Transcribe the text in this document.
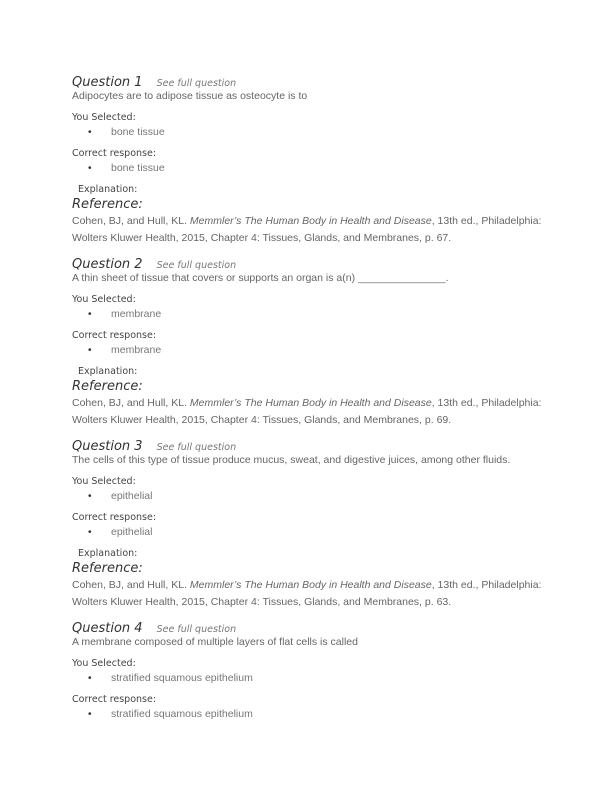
Question 1 See full question

Adipocytes are to adipose tissue as osteocyte is to

You Selected:

• bone tissue

Correct response:

• bone tissue

Explanation:

Reference:

Cohen, BJ, and Hull, KL. Memmler’s The Human Body in Health and Disease, 13th ed., Philadelphia: Wolters Kluwer Health, 2015, Chapter 4: Tissues, Glands, and Membranes, p. 67.

Question 2 See full question

A thin sheet of tissue that covers or supports an organ is a(n) _______________.

You Selected:

• membrane

Correct response:

• membrane

Explanation:

Reference:

Cohen, BJ, and Hull, KL. Memmler’s The Human Body in Health and Disease, 13th ed., Philadelphia: Wolters Kluwer Health, 2015, Chapter 4: Tissues, Glands, and Membranes, p. 69.

Question 3 See full question

The cells of this type of tissue produce mucus, sweat, and digestive juices, among other fluids.

You Selected:

• epithelial

Correct response:

• epithelial

Explanation:

Reference:

Cohen, BJ, and Hull, KL. Memmler’s The Human Body in Health and Disease, 13th ed., Philadelphia: Wolters Kluwer Health, 2015, Chapter 4: Tissues, Glands, and Membranes, p. 63.

Question 4 See full question

A membrane composed of multiple layers of flat cells is called

You Selected:

• stratified squamous epithelium

Correct response:

• stratified squamous epithelium
